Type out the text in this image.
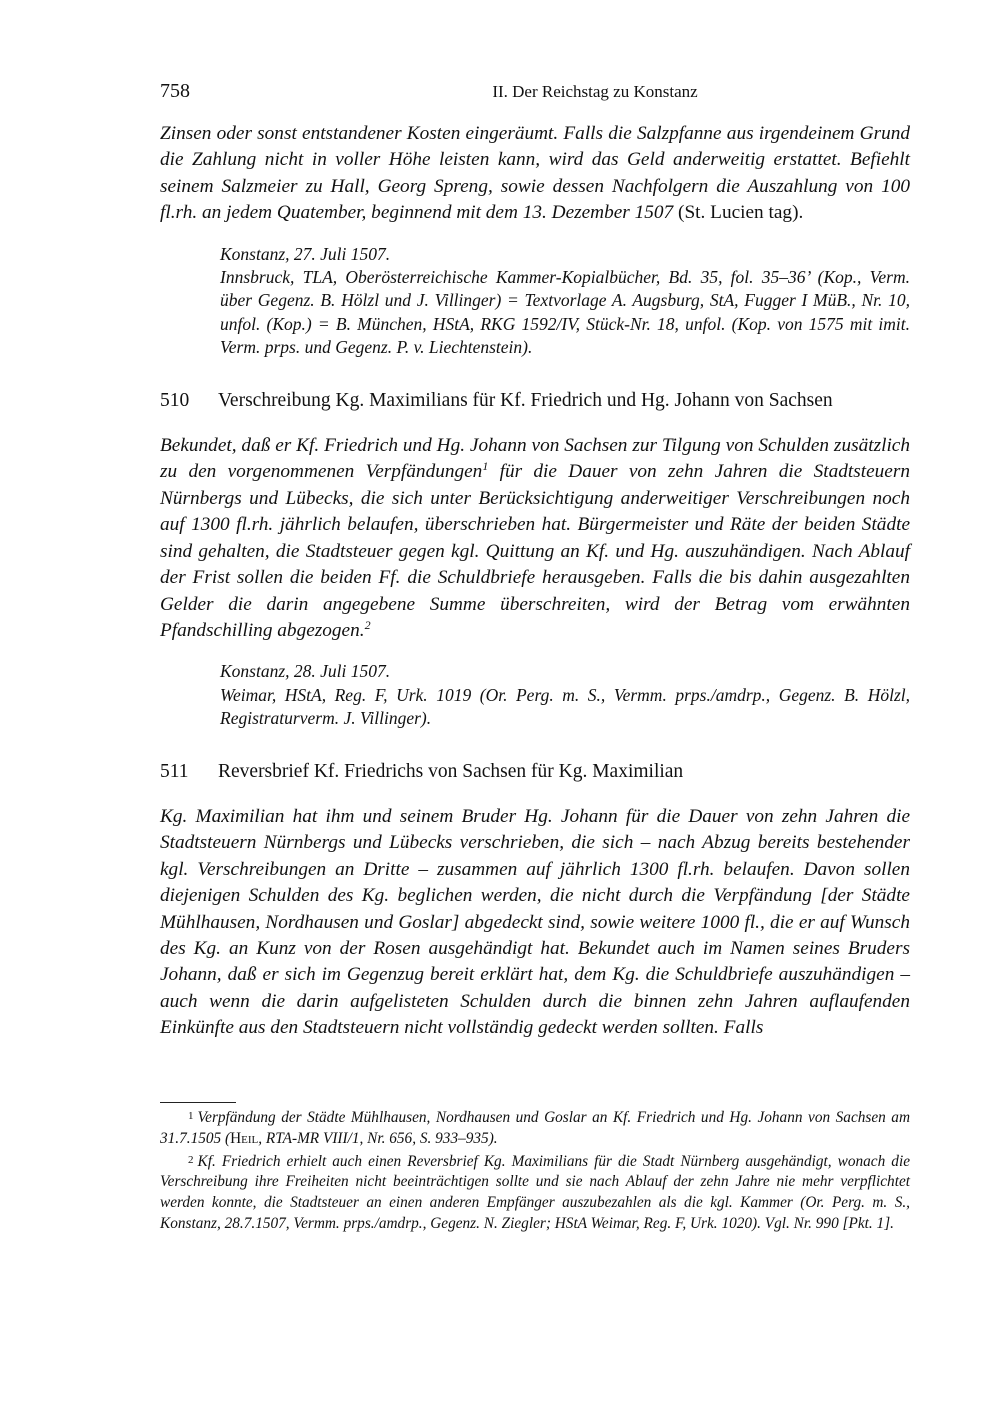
758	II. Der Reichstag zu Konstanz

Zinsen oder sonst entstandener Kosten eingeräumt. Falls die Salzpfanne aus irgendeinem Grund die Zahlung nicht in voller Höhe leisten kann, wird das Geld anderweitig erstattet. Befiehlt seinem Salzmeier zu Hall, Georg Spreng, sowie dessen Nachfolgern die Auszahlung von 100 fl.rh. an jedem Quatember, beginnend mit dem 13. Dezember 1507 (St. Lucien tag).

Konstanz, 27. Juli 1507.
Innsbruck, TLA, Oberösterreichische Kammer-Kopialbücher, Bd. 35, fol. 35–36’ (Kop., Verm. über Gegenz. B. Hölzl und J. Villinger) = Textvorlage A. Augsburg, StA, Fugger I MüB., Nr. 10, unfol. (Kop.) = B. München, HStA, RKG 1592/IV, Stück-Nr. 18, unfol. (Kop. von 1575 mit imit. Verm. prps. und Gegenz. P. v. Liechtenstein).
510	Verschreibung Kg. Maximilians für Kf. Friedrich und Hg. Johann von Sachsen

Bekundet, daß er Kf. Friedrich und Hg. Johann von Sachsen zur Tilgung von Schulden zusätzlich zu den vorgenommenen Verpfändungen$^1$ für die Dauer von zehn Jahren die Stadtsteuern Nürnbergs und Lübecks, die sich unter Berücksichtigung anderweitiger Verschreibungen noch auf 1300 fl.rh. jährlich belaufen, überschrieben hat. Bürgermeister und Räte der beiden Städte sind gehalten, die Stadtsteuer gegen kgl. Quittung an Kf. und Hg. auszuhändigen. Nach Ablauf der Frist sollen die beiden Ff. die Schuldbriefe herausgeben. Falls die bis dahin ausgezahlten Gelder die darin angegebene Summe überschreiten, wird der Betrag vom erwähnten Pfandschilling abgezogen.$^2$

Konstanz, 28. Juli 1507.
Weimar, HStA, Reg. F, Urk. 1019 (Or. Perg. m. S., Vermm. prps./amdrp., Gegenz. B. Hölzl, Registraturverm. J. Villinger).
511	Reversbrief Kf. Friedrichs von Sachsen für Kg. Maximilian

Kg. Maximilian hat ihm und seinem Bruder Hg. Johann für die Dauer von zehn Jahren die Stadtsteuern Nürnbergs und Lübecks verschrieben, die sich – nach Abzug bereits bestehender kgl. Verschreibungen an Dritte – zusammen auf jährlich 1300 fl.rh. belaufen. Davon sollen diejenigen Schulden des Kg. beglichen werden, die nicht durch die Verpfändung [der Städte Mühlhausen, Nordhausen und Goslar] abgedeckt sind, sowie weitere 1000 fl., die er auf Wunsch des Kg. an Kunz von der Rosen ausgehändigt hat. Bekundet auch im Namen seines Bruders Johann, daß er sich im Gegenzug bereit erklärt hat, dem Kg. die Schuldbriefe auszuhändigen – auch wenn die darin aufgelisteten Schulden durch die binnen zehn Jahren auflaufenden Einkünfte aus den Stadtsteuern nicht vollständig gedeckt werden sollten. Falls

1 Verpfändung der Städte Mühlhausen, Nordhausen und Goslar an Kf. Friedrich und Hg. Johann von Sachsen am 31.7.1505 (Heil, RTA-MR VIII/1, Nr. 656, S. 933–935).

2 Kf. Friedrich erhielt auch einen Reversbrief Kg. Maximilians für die Stadt Nürnberg ausgehändigt, wonach die Verschreibung ihre Freiheiten nicht beeinträchtigen sollte und sie nach Ablauf der zehn Jahre nie mehr verpflichtet werden konnte, die Stadtsteuer an einen anderen Empfänger auszubezahlen als die kgl. Kammer (Or. Perg. m. S., Konstanz, 28.7.1507, Vermm. prps./amdrp., Gegenz. N. Ziegler; HStA Weimar, Reg. F, Urk. 1020). Vgl. Nr. 990 [Pkt. 1].
